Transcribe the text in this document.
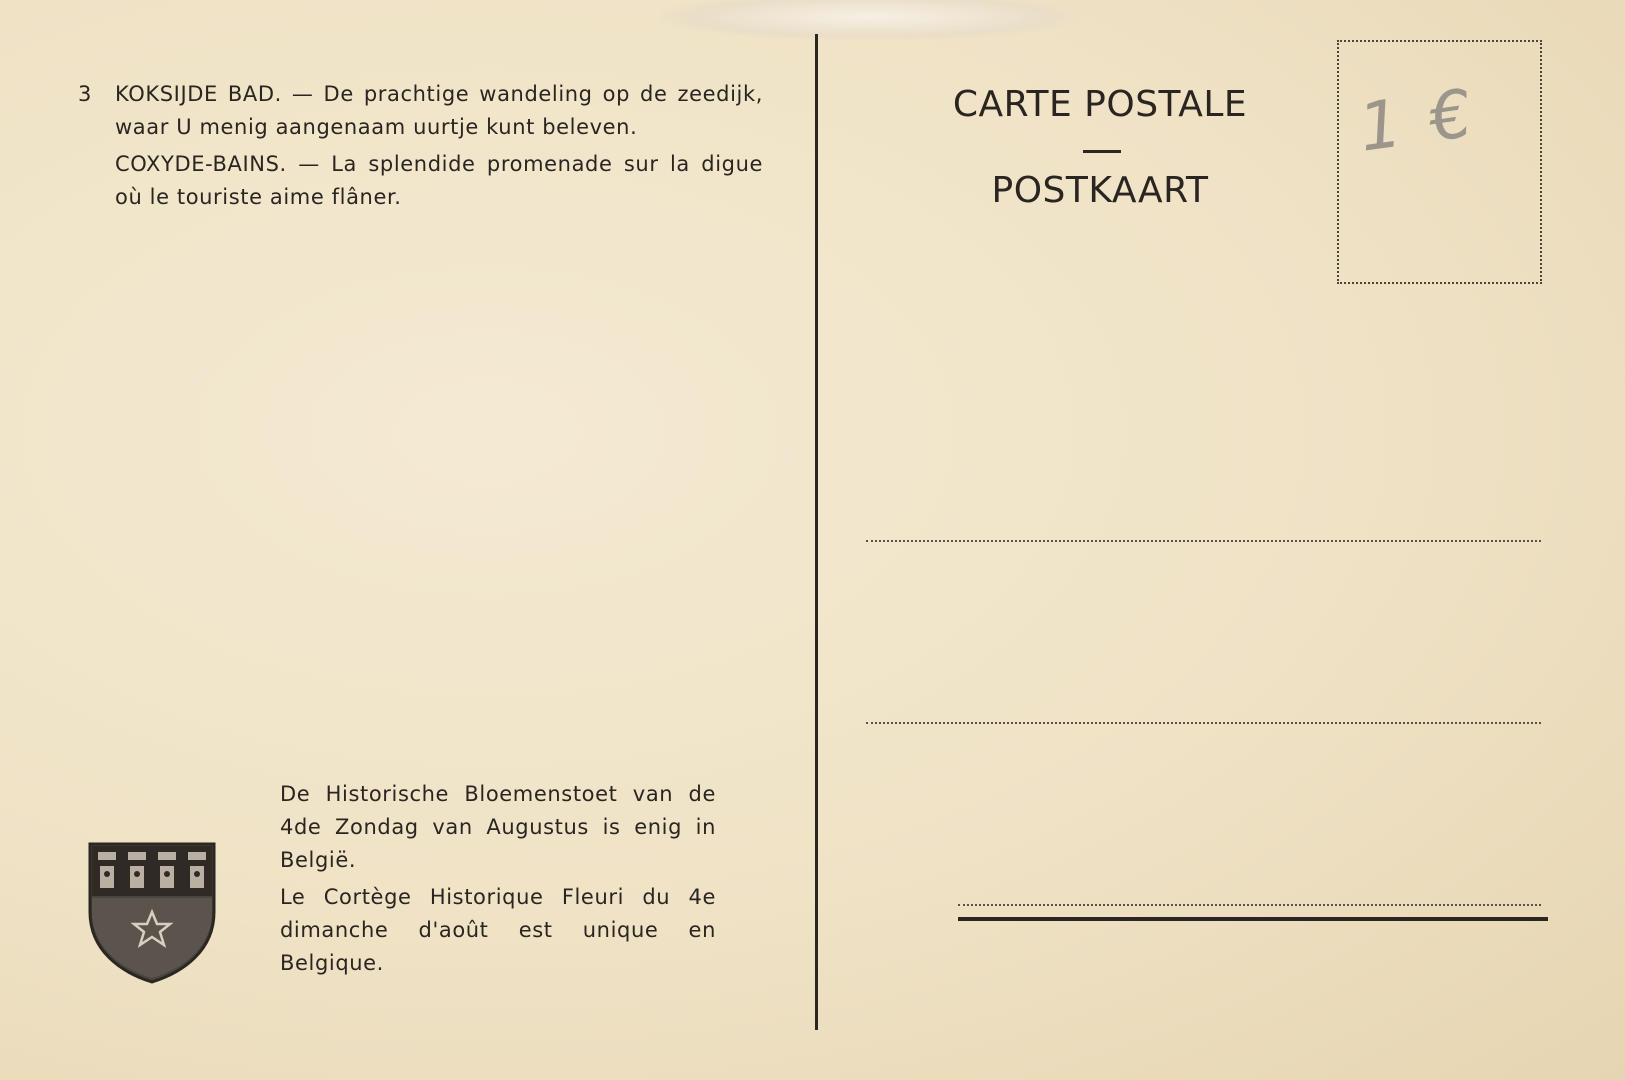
3 KOKSIJDE BAD. — De prachtige wandeling op de zeedijk, waar U menig aangenaam uurtje kunt beleven.

COXYDE-BAINS. — La splendide promenade sur la digue où le touriste aime flâner.

CARTE POSTALE
POSTKAART
1 €

De Historische Bloemenstoet van de 4de Zondag van Augustus is enig in België.

Le Cortège Historique Fleuri du 4e dimanche d'août est unique en Belgique.
